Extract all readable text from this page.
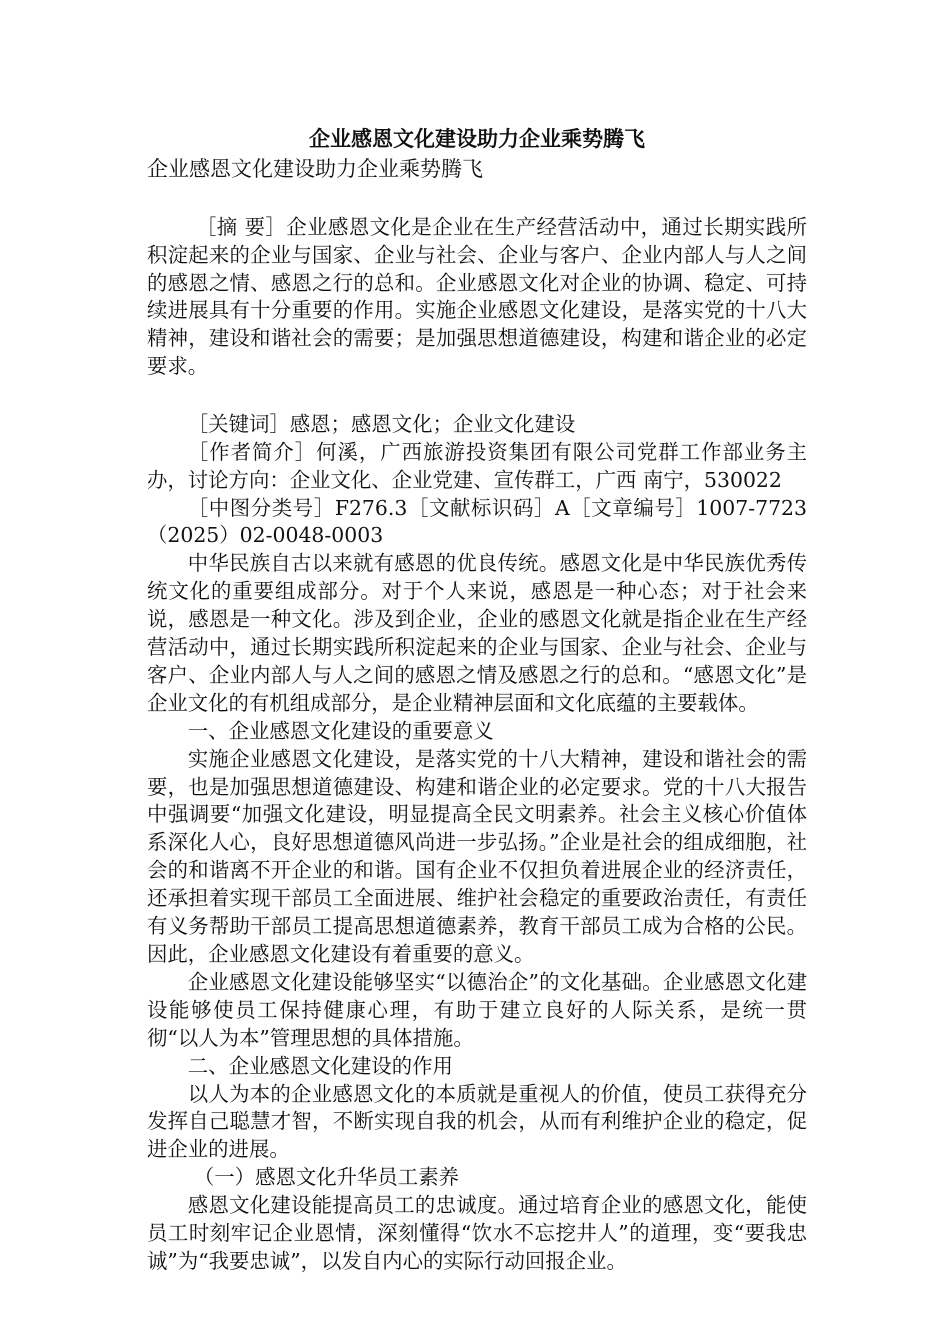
企业感恩文化建设助力企业乘势腾飞
企业感恩文化建设助力企业乘势腾飞

［摘 要］企业感恩文化是企业在生产经营活动中，通过长期实践所积淀起来的企业与国家、企业与社会、企业与客户、企业内部人与人之间的感恩之情、感恩之行的总和。企业感恩文化对企业的协调、稳定、可持续进展具有十分重要的作用。实施企业感恩文化建设，是落实党的十八大精神，建设和谐社会的需要；是加强思想道德建设，构建和谐企业的必定要求。

［关键词］感恩；感恩文化；企业文化建设

［作者简介］何溪，广西旅游投资集团有限公司党群工作部业务主办，讨论方向：企业文化、企业党建、宣传群工，广西 南宁，530022

［中图分类号］F276.3［文献标识码］A［文章编号］1007-7723（2025）02-0048-0003

中华民族自古以来就有感恩的优良传统。感恩文化是中华民族优秀传统文化的重要组成部分。对于个人来说，感恩是一种心态；对于社会来说，感恩是一种文化。涉及到企业，企业的感恩文化就是指企业在生产经营活动中，通过长期实践所积淀起来的企业与国家、企业与社会、企业与客户、企业内部人与人之间的感恩之情及感恩之行的总和。“感恩文化”是企业文化的有机组成部分，是企业精神层面和文化底蕴的主要载体。

一、企业感恩文化建设的重要意义

实施企业感恩文化建设，是落实党的十八大精神，建设和谐社会的需要，也是加强思想道德建设、构建和谐企业的必定要求。党的十八大报告中强调要“加强文化建设，明显提高全民文明素养。社会主义核心价值体系深化人心，良好思想道德风尚进一步弘扬。”企业是社会的组成细胞，社会的和谐离不开企业的和谐。国有企业不仅担负着进展企业的经济责任，还承担着实现干部员工全面进展、维护社会稳定的重要政治责任，有责任有义务帮助干部员工提高思想道德素养，教育干部员工成为合格的公民。因此，企业感恩文化建设有着重要的意义。

企业感恩文化建设能够坚实“以德治企”的文化基础。企业感恩文化建设能够使员工保持健康心理，有助于建立良好的人际关系，是统一贯彻“以人为本”管理思想的具体措施。

二、企业感恩文化建设的作用

以人为本的企业感恩文化的本质就是重视人的价值，使员工获得充分发挥自己聪慧才智，不断实现自我的机会，从而有利维护企业的稳定，促进企业的进展。

（一）感恩文化升华员工素养

感恩文化建设能提高员工的忠诚度。通过培育企业的感恩文化，能使员工时刻牢记企业恩情，深刻懂得“饮水不忘挖井人”的道理，变“要我忠诚”为“我要忠诚”，以发自内心的实际行动回报企业。
